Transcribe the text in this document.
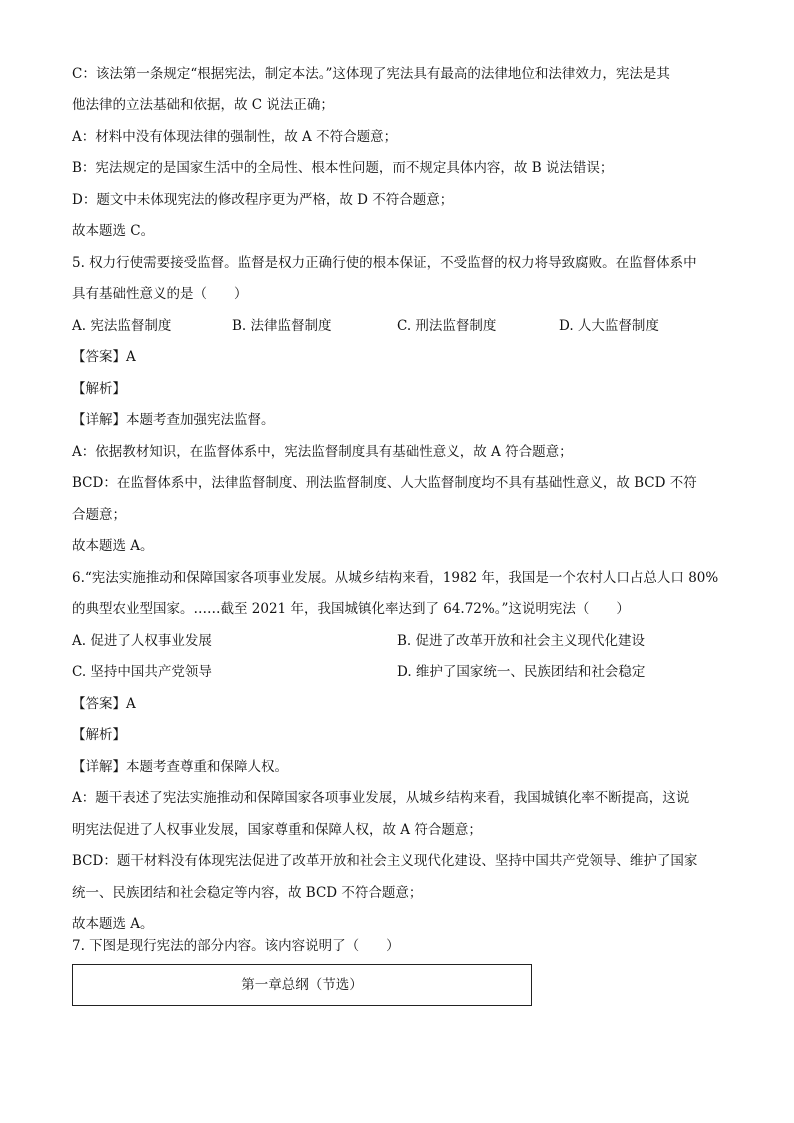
C：该法第一条规定“根据宪法，制定本法。”这体现了宪法具有最高的法律地位和法律效力，宪法是其
他法律的立法基础和依据，故 C 说法正确；
A：材料中没有体现法律的强制性，故 A 不符合题意；
B：宪法规定的是国家生活中的全局性、根本性问题，而不规定具体内容，故 B 说法错误；
D：题文中未体现宪法的修改程序更为严格，故 D 不符合题意；
故本题选 C。
5. 权力行使需要接受监督。监督是权力正确行使的根本保证，不受监督的权力将导致腐败。在监督体系中
具有基础性意义的是（　　）
A. 宪法监督制度	B. 法律监督制度	C. 刑法监督制度	D. 人大监督制度
【答案】A
【解析】
【详解】本题考查加强宪法监督。
A：依据教材知识，在监督体系中，宪法监督制度具有基础性意义，故 A 符合题意；
BCD：在监督体系中，法律监督制度、刑法监督制度、人大监督制度均不具有基础性意义，故 BCD 不符
合题意；
故本题选 A。
6.“宪法实施推动和保障国家各项事业发展。从城乡结构来看，1982 年，我国是一个农村人口占总人口 80%
的典型农业型国家。……截至 2021 年，我国城镇化率达到了 64.72%。”这说明宪法（　　）
A. 促进了人权事业发展	B. 促进了改革开放和社会主义现代化建设
C. 坚持中国共产党领导	D. 维护了国家统一、民族团结和社会稳定
【答案】A
【解析】
【详解】本题考查尊重和保障人权。
A：题干表述了宪法实施推动和保障国家各项事业发展，从城乡结构来看，我国城镇化率不断提高，这说
明宪法促进了人权事业发展，国家尊重和保障人权，故 A 符合题意；
BCD：题干材料没有体现宪法促进了改革开放和社会主义现代化建设、坚持中国共产党领导、维护了国家
统一、民族团结和社会稳定等内容，故 BCD 不符合题意；
故本题选 A。
7. 下图是现行宪法的部分内容。该内容说明了（　　）
第一章总纲（节选）
